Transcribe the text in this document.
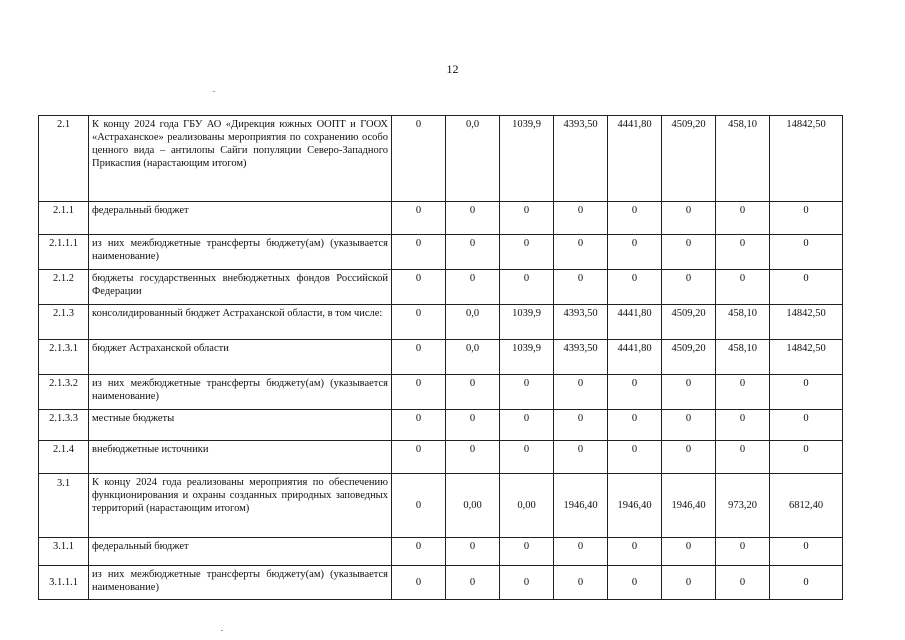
12
2.1	К концу 2024 года ГБУ АО «Дирекция южных ООПТ и ГООХ «Астраханское» реализованы мероприятия по сохранению особо ценного вида – антилопы Сайги популяции Северо-Западного Прикаспия (нарастающим итогом)	0	0,0	1039,9	4393,50	4441,80	4509,20	458,10	14842,50
2.1.1	федеральный бюджет	0	0	0	0	0	0	0	0
2.1.1.1	из них межбюджетные трансферты бюджету(ам) (указывается наименование)	0	0	0	0	0	0	0	0
2.1.2	бюджеты государственных внебюджетных фондов Российской Федерации	0	0	0	0	0	0	0	0
2.1.3	консолидированный бюджет Астраханской области, в том числе:	0	0,0	1039,9	4393,50	4441,80	4509,20	458,10	14842,50
2.1.3.1	бюджет Астраханской области	0	0,0	1039,9	4393,50	4441,80	4509,20	458,10	14842,50
2.1.3.2	из них межбюджетные трансферты бюджету(ам) (указывается наименование)	0	0	0	0	0	0	0	0
2.1.3.3	местные бюджеты	0	0	0	0	0	0	0	0
2.1.4	внебюджетные источники	0	0	0	0	0	0	0	0
3.1	К концу 2024 года реализованы мероприятия по обеспечению функционирования и охраны созданных природных заповедных территорий (нарастающим итогом)	0	0,00	0,00	1946,40	1946,40	1946,40	973,20	6812,40
3.1.1	федеральный бюджет	0	0	0	0	0	0	0	0
3.1.1.1	из них межбюджетные трансферты бюджету(ам) (указывается наименование)	0	0	0	0	0	0	0	0
